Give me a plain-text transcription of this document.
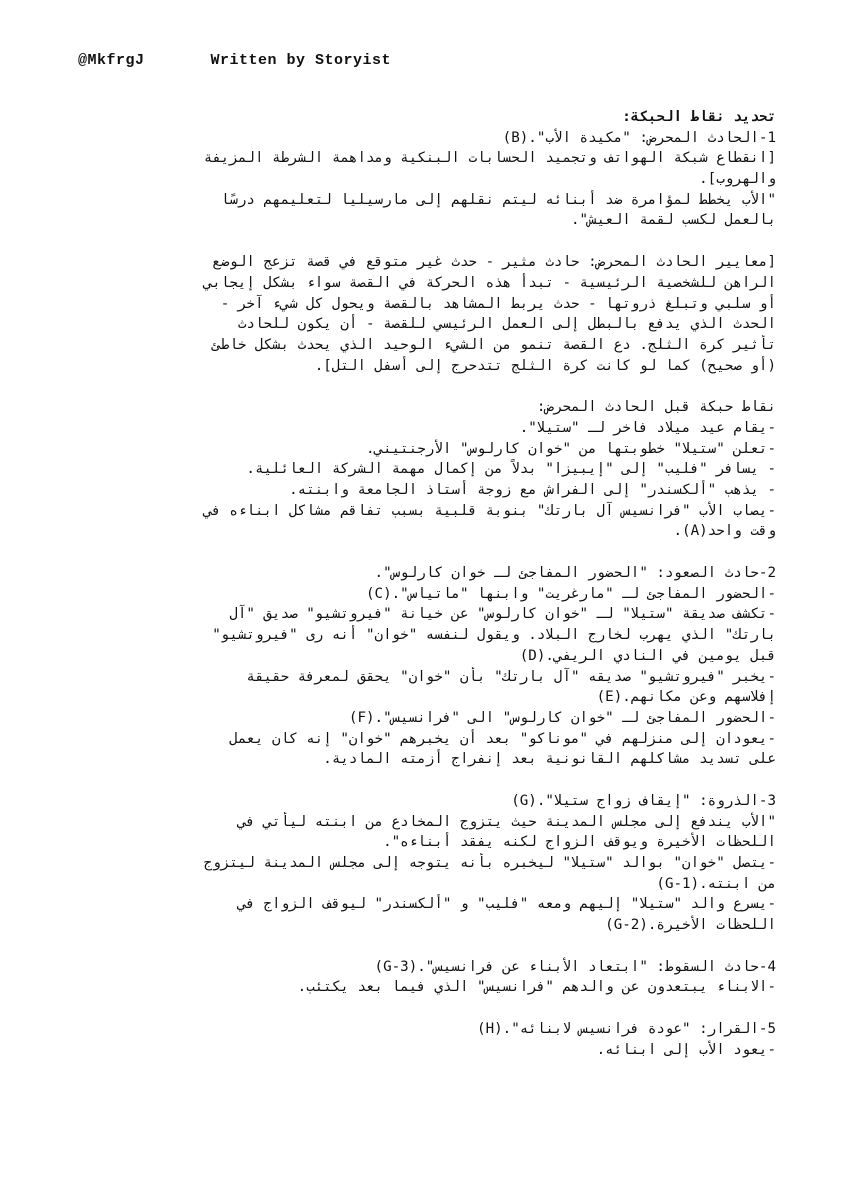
@MkfrgJ	Written by Storyist
تحديد نقاط الحبكة:
1-الحادث المحرض: "مكيدة الأب".(B)
[انقطاع شبكة الهواتف وتجميد الحسابات البنكية ومداهمة الشرطة المزيفة
والهروب].
"الأب يخطط لمؤامرة ضد أبنائه ليتم نقلهم إلى مارسيليا لتعليمهم درسًا
بالعمل لكسب لقمة العيش".
[معايير الحادث المحرض: حادث مثير - حدث غير متوقع في قصة تزعج الوضع
الراهن للشخصية الرئيسية - تبدأ هذه الحركة في القصة سواء بشكل إيجابي
أو سلبي وتبلغ ذروتها - حدث يربط المشاهد بالقصة ويحول كل شيء آخر -
الحدث الذي يدفع بالبطل إلى العمل الرئيسي للقصة - أن يكون للحادث
تأثير كرة الثلج. دع القصة تنمو من الشيء الوحيد الذي يحدث بشكل خاطئ
(أو صحيح) كما لو كانت كرة الثلج تتدحرج إلى أسفل التل].
نقاط حبكة قبل الحادث المحرض:
-يقام عيد ميلاد فاخر لـ "ستيلا".
-تعلن "ستيلا" خطوبتها من "خوان كارلوس" الأرجنتيني.
- يسافر "فليب" إلى "إيبيزا" بدلاً من إكمال مهمة الشركة العائلية.
- يذهب "ألكسندر" إلى الفراش مع زوجة أستاذ الجامعة وابنته.
-يصاب الأب "فرانسيس آل بارتك" بنوبة قلبية بسبب تفاقم مشاكل ابناءه في
وقت واحد(A).
2-حادث الصعود: "الحضور المفاجئ لـ خوان كارلوس".
-الحضور المفاجئ لـ "مارغريت" وابنها "ماتياس".(C)
-تكشف صديقة "ستيلا" لـ "خوان كارلوس" عن خيانة "فيروتشيو" صديق "آل
بارتك" الذي يهرب لخارج البلاد. ويقول لنفسه "خوان" أنه رى "فيروتشيو"
قبل يومين في النادي الريفي.(D)
-يخبر "فيروتشيو" صديقه "آل بارتك" بأن "خوان" يحقق لمعرفة حقيقة
إفلاسهم وعن مكانهم.(E)
-الحضور المفاجئ لـ "خوان كارلوس" الى "فرانسيس".(F)
-يعودان إلى منزلهم في "موناكو" بعد أن يخبرهم "خوان" إنه كان يعمل
على تسديد مشاكلهم القانونية بعد إنفراج أزمته المادية.
3-الذروة: "إيقاف زواج ستيلا".(G)
"الأب يندفع إلى مجلس المدينة حيث يتزوج المخادع من ابنته ليأتي في
اللحظات الأخيرة ويوقف الزواج لكنه يفقد أبناءه".
-يتصل "خوان" بوالد "ستيلا" ليخبره بأنه يتوجه إلى مجلس المدينة ليتزوج
من ابنته.(G-1)
-يسرع والد "ستيلا" إليهم ومعه "فليب" و "ألكسندر" ليوقف الزواج في
اللحظات الأخيرة.(G-2)
4-حادث السقوط: "ابتعاد الأبناء عن فرانسيس".(G-3)
-الابناء يبتعدون عن والدهم "فرانسيس" الذي فيما بعد يكتئب.
5-القرار: "عودة فرانسيس لابنائه".(H)
-يعود الأب إلى ابنائه.
